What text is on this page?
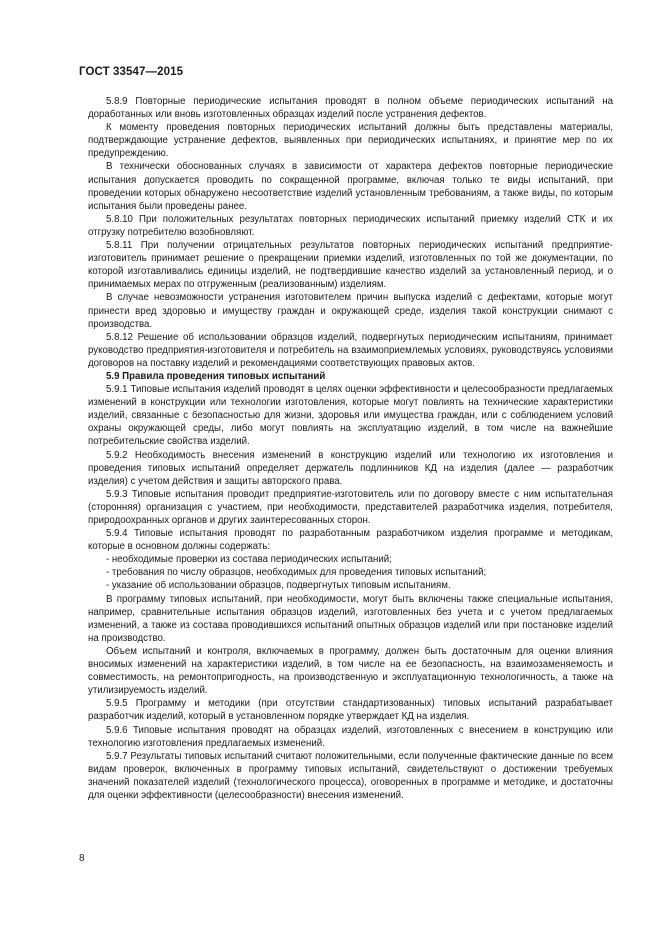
ГОСТ 33547—2015

5.8.9 Повторные периодические испытания проводят в полном объеме периодических испытаний на доработанных или вновь изготовленных образцах изделий после устранения дефектов.

К моменту проведения повторных периодических испытаний должны быть представлены материалы, подтверждающие устранение дефектов, выявленных при периодических испытаниях, и принятие мер по их предупреждению.

В технически обоснованных случаях в зависимости от характера дефектов повторные периодические испытания допускается проводить по сокращенной программе, включая только те виды испытаний, при проведении которых обнаружено несоответствие изделий установленным требованиям, а также виды, по которым испытания были проведены ранее.

5.8.10 При положительных результатах повторных периодических испытаний приемку изделий СТК и их отгрузку потребителю возобновляют.

5.8.11 При получении отрицательных результатов повторных периодических испытаний предприятие-изготовитель принимает решение о прекращении приемки изделий, изготовленных по той же документации, по которой изготавливались единицы изделий, не подтвердившие качество изделий за установленный период, и о принимаемых мерах по отгруженным (реализованным) изделиям.

В случае невозможности устранения изготовителем причин выпуска изделий с дефектами, которые могут принести вред здоровью и имуществу граждан и окружающей среде, изделия такой конструкции снимают с производства.

5.8.12 Решение об использовании образцов изделий, подвергнутых периодическим испытаниям, принимает руководство предприятия-изготовителя и потребитель на взаимоприемлемых условиях, руководствуясь условиями договоров на поставку изделий и рекомендациями соответствующих правовых актов.

5.9 Правила проведения типовых испытаний

5.9.1 Типовые испытания изделий проводят в целях оценки эффективности и целесообразности предлагаемых изменений в конструкции или технологии изготовления, которые могут повлиять на технические характеристики изделий, связанные с безопасностью для жизни, здоровья или имущества граждан, или с соблюдением условий охраны окружающей среды, либо могут повлиять на эксплуатацию изделий, в том числе на важнейшие потребительские свойства изделий.

5.9.2 Необходимость внесения изменений в конструкцию изделий или технологию их изготовления и проведения типовых испытаний определяет держатель подлинников КД на изделия (далее — разработчик изделия) с учетом действия и защиты авторского права.

5.9.3 Типовые испытания проводит предприятие-изготовитель или по договору вместе с ним испытательная (сторонняя) организация с участием, при необходимости, представителей разработчика изделия, потребителя, природоохранных органов и других заинтересованных сторон.

5.9.4 Типовые испытания проводят по разработанным разработчиком изделия программе и методикам, которые в основном должны содержать:

- необходимые проверки из состава периодических испытаний;

- требования по числу образцов, необходимых для проведения типовых испытаний;

- указание об использовании образцов, подвергнутых типовым испытаниям.

В программу типовых испытаний, при необходимости, могут быть включены также специальные испытания, например, сравнительные испытания образцов изделий, изготовленных без учета и с учетом предлагаемых изменений, а также из состава проводившихся испытаний опытных образцов изделий или при постановке изделий на производство.

Объем испытаний и контроля, включаемых в программу, должен быть достаточным для оценки влияния вносимых изменений на характеристики изделий, в том числе на ее безопасность, на взаимозаменяемость и совместимость, на ремонтопригодность, на производственную и эксплуатационную технологичность, а также на утилизируемость изделий.

5.9.5 Программу и методики (при отсутствии стандартизованных) типовых испытаний разрабатывает разработчик изделий, который в установленном порядке утверждает КД на изделия.

5.9.6 Типовые испытания проводят на образцах изделий, изготовленных с внесением в конструкцию или технологию изготовления предлагаемых изменений.

5.9.7 Результаты типовых испытаний считают положительными, если полученные фактические данные по всем видам проверок, включенных в программу типовых испытаний, свидетельствуют о достижении требуемых значений показателей изделий (технологического процесса), оговоренных в программе и методике, и достаточны для оценки эффективности (целесообразности) внесения изменений.

8
